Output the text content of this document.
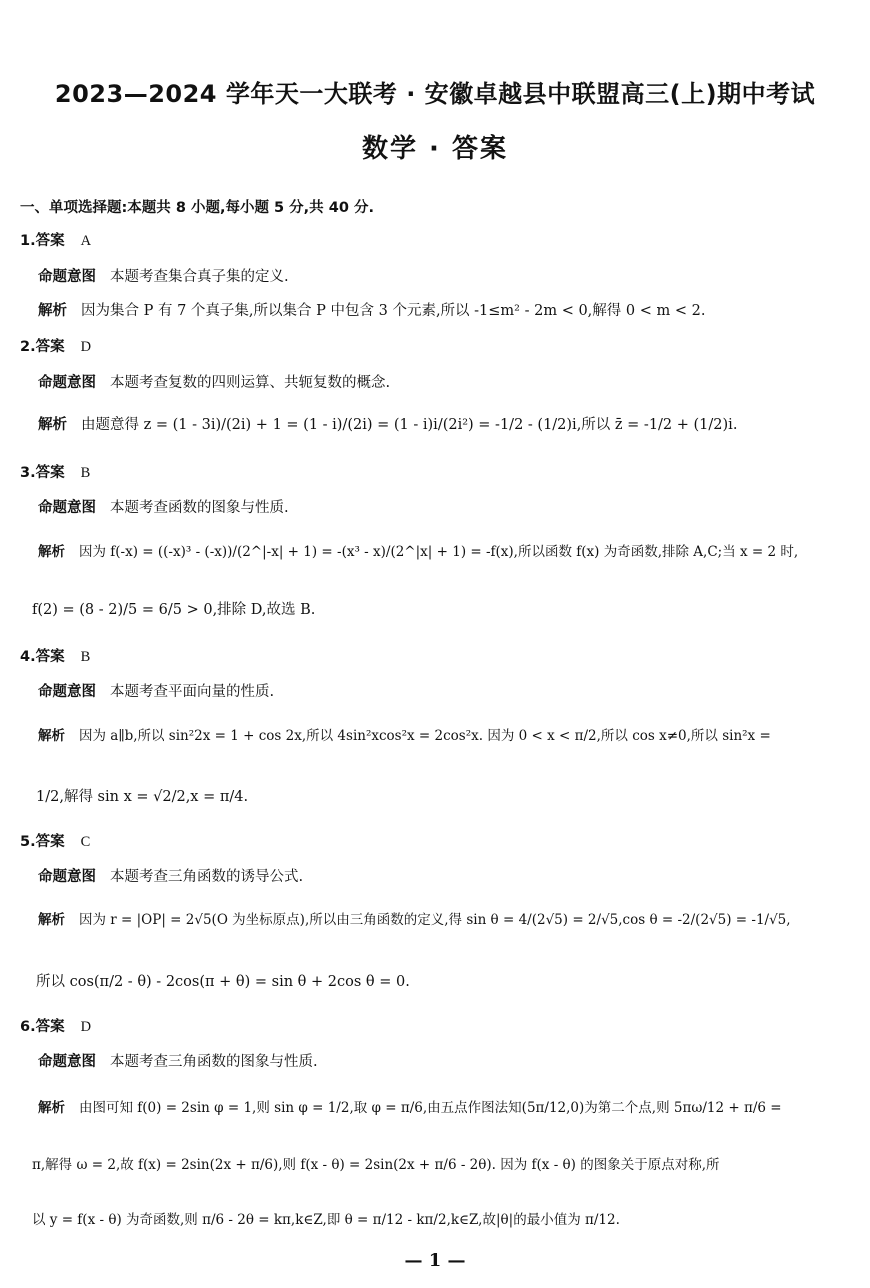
2023—2024 学年天一大联考 · 安徽卓越县中联盟高三(上)期中考试
数学 · 答案
一、单项选择题:本题共 8 小题,每小题 5 分,共 40 分.
1.答案 A
命题意图 本题考查集合真子集的定义.
解析 因为集合 P 有 7 个真子集,所以集合 P 中包含 3 个元素,所以 -1≤m² - 2m < 0,解得 0 < m < 2.
2.答案 D
命题意图 本题考查复数的四则运算、共轭复数的概念.
解析 由题意得 z = (1 - 3i)/(2i) + 1 = (1 - i)/(2i) = (1 - i)i/(2i²) = -1/2 - (1/2)i,所以 z̄ = -1/2 + (1/2)i.
3.答案 B
命题意图 本题考查函数的图象与性质.
解析 因为 f(-x) = ((-x)³ - (-x))/(2^|-x| + 1) = -(x³ - x)/(2^|x| + 1) = -f(x),所以函数 f(x) 为奇函数,排除 A,C;当 x = 2 时,
f(2) = (8 - 2)/5 = 6/5 > 0,排除 D,故选 B.
4.答案 B
命题意图 本题考查平面向量的性质.
解析 因为 a∥b,所以 sin²2x = 1 + cos 2x,所以 4sin²xcos²x = 2cos²x. 因为 0 < x < π/2,所以 cos x≠0,所以 sin²x =
1/2,解得 sin x = √2/2,x = π/4.
5.答案 C
命题意图 本题考查三角函数的诱导公式.
解析 因为 r = |OP| = 2√5(O 为坐标原点),所以由三角函数的定义,得 sin θ = 4/(2√5) = 2/√5,cos θ = -2/(2√5) = -1/√5,
所以 cos(π/2 - θ) - 2cos(π + θ) = sin θ + 2cos θ = 0.
6.答案 D
命题意图 本题考查三角函数的图象与性质.
解析 由图可知 f(0) = 2sin φ = 1,则 sin φ = 1/2,取 φ = π/6,由五点作图法知(5π/12,0)为第二个点,则 5πω/12 + π/6 =
π,解得 ω = 2,故 f(x) = 2sin(2x + π/6),则 f(x - θ) = 2sin(2x + π/6 - 2θ). 因为 f(x - θ) 的图象关于原点对称,所
以 y = f(x - θ) 为奇函数,则 π/6 - 2θ = kπ,k∈Z,即 θ = π/12 - kπ/2,k∈Z,故|θ|的最小值为 π/12.
— 1 —
